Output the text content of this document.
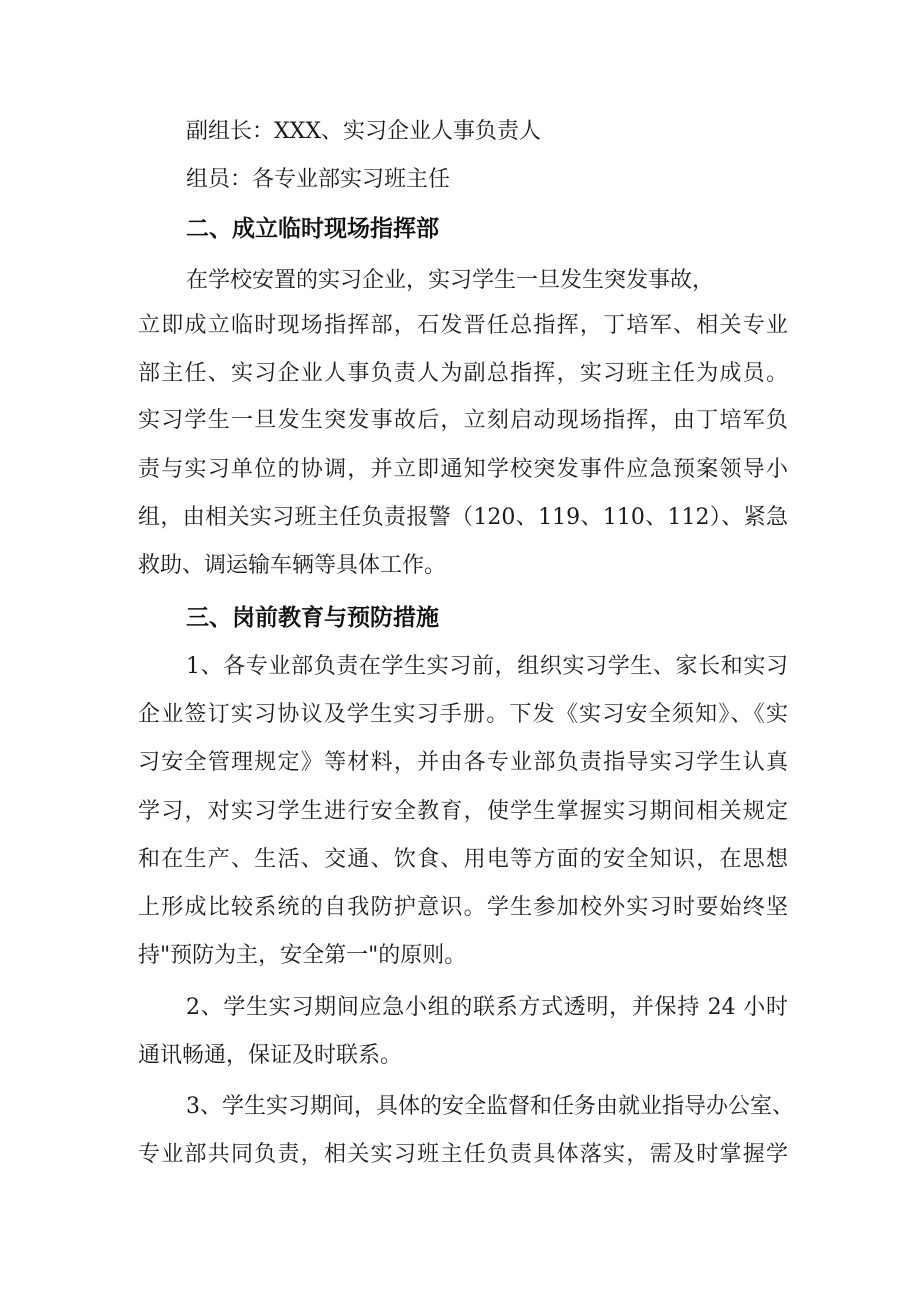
副组长：XXX、实习企业人事负责人
组员：各专业部实习班主任
二、成立临时现场指挥部
在学校安置的实习企业，实习学生一旦发生突发事故，
立即成立临时现场指挥部，石发晋任总指挥，丁培军、相关专业
部主任、实习企业人事负责人为副总指挥，实习班主任为成员。
实习学生一旦发生突发事故后，立刻启动现场指挥，由丁培军负
责与实习单位的协调，并立即通知学校突发事件应急预案领导小
组，由相关实习班主任负责报警（120、119、110、112）、紧急
救助、调运输车辆等具体工作。
三、岗前教育与预防措施
1、各专业部负责在学生实习前，组织实习学生、家长和实习
企业签订实习协议及学生实习手册。下发《实习安全须知》、《实
习安全管理规定》等材料，并由各专业部负责指导实习学生认真
学习，对实习学生进行安全教育，使学生掌握实习期间相关规定
和在生产、生活、交通、饮食、用电等方面的安全知识，在思想
上形成比较系统的自我防护意识。学生参加校外实习时要始终坚
持"预防为主，安全第一"的原则。
2、学生实习期间应急小组的联系方式透明，并保持 24 小时
通讯畅通，保证及时联系。
3、学生实习期间，具体的安全监督和任务由就业指导办公室、
专业部共同负责，相关实习班主任负责具体落实，需及时掌握学
